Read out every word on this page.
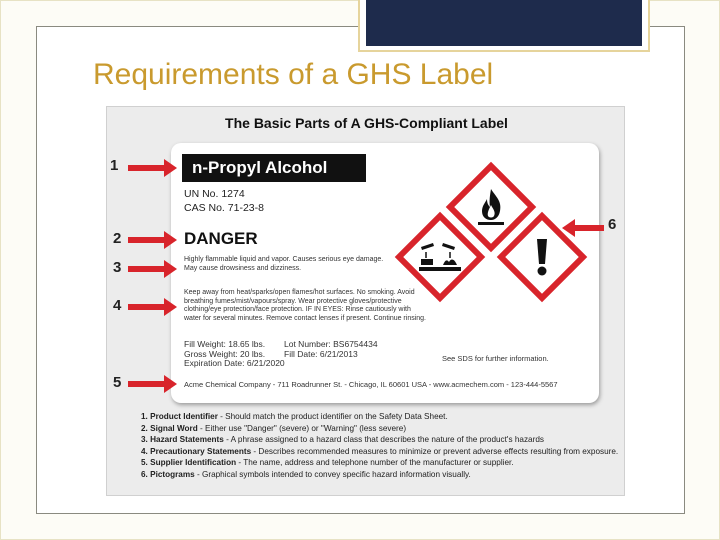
Requirements of a GHS Label
The Basic Parts of A GHS-Compliant Label
1
2
3
4
5
6
n-Propyl Alcohol
UN No. 1274
CAS No. 71-23-8
DANGER
Highly flammable liquid and vapor. Causes serious eye damage.
May cause drowsiness and dizziness.
Keep away from heat/sparks/open flames/hot surfaces. No smoking. Avoid
breathing fumes/mist/vapours/spray. Wear protective gloves/protective
clothing/eye protection/face protection. IF IN EYES: Rinse cautiously with
water for several minutes. Remove contact lenses if present. Continue rinsing.
Fill Weight: 18.65 lbs.
Gross Weight: 20 lbs.
Expiration Date: 6/21/2020
Lot Number: BS6754434
Fill Date: 6/21/2013	See SDS for further information.
Acme Chemical Company - 711 Roadrunner St. - Chicago, IL 60601 USA - www.acmechem.com - 123-444-5567
1. Product Identifier - Should match the product identifier on the Safety Data Sheet.
2. Signal Word - Either use "Danger" (severe) or "Warning" (less severe)
3. Hazard Statements - A phrase assigned to a hazard class that describes the nature of the product's hazards
4. Precautionary Statements - Describes recommended measures to minimize or prevent adverse effects resulting from exposure.
5. Supplier Identification - The name, address and telephone number of the manufacturer or supplier.
6. Pictograms - Graphical symbols intended to convey specific hazard information visually.
